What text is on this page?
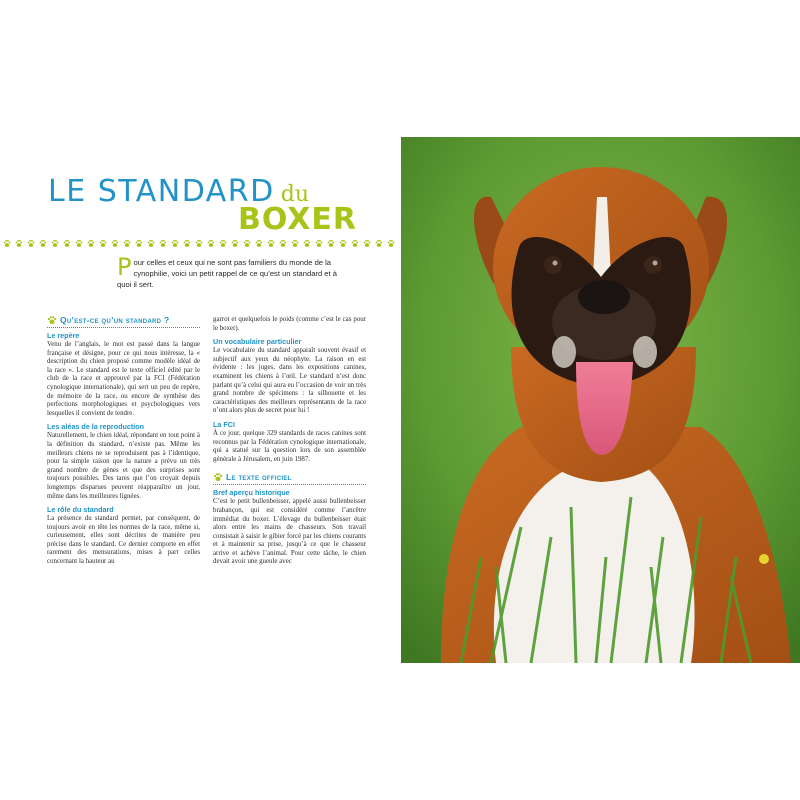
LE STANDARD du
BOXER
Pour celles et ceux qui ne sont pas familiers du monde de la cynophilie, voici un petit rappel de ce qu’est un standard et à quoi il sert.
Qu’est-ce qu’un standard ?
Le repère
Venu de l’anglais, le mot est passé dans la langue française et désigne, pour ce qui nous intéresse, la « description du chien proposé comme modèle idéal de la race ». Le standard est le texte officiel édité par le club de la race et approuvé par la FCI (Fédération cynologique internationale), qui sert un peu de repère, de mémoire de la race, ou encore de synthèse des perfections morphologiques et psychologiques vers lesquelles il convient de tendre.
Les aléas de la reproduction
Naturellement, le chien idéal, répondant en tout point à la définition du standard, n’existe pas. Même les meilleurs chiens ne se reproduisent pas à l’identique, pour la simple raison que la nature a prévu un très grand nombre de gènes et que des surprises sont toujours possibles. Des tares que l’on croyait depuis longtemps disparues peuvent réapparaître un jour, même dans les meilleures lignées.
Le rôle du standard
La présence du standard permet, par conséquent, de toujours avoir en tête les normes de la race, même si, curieusement, elles sont décrites de manière peu précise dans le standard. Ce dernier comporte en effet rarement des mensurations, mises à part celles concernant la hauteur au
garrot et quelquefois le poids (comme c’est le cas pour le boxer).
Un vocabulaire particulier
Le vocabulaire du standard apparaît souvent évasif et subjectif aux yeux du néophyte. La raison en est évidente : les juges, dans les expositions canines, examinent les chiens à l’œil. Le standard n’est donc parlant qu’à celui qui aura eu l’occasion de voir un très grand nombre de spécimens : la silhouette et les caractéristiques des meilleurs représentants de la race n’ont alors plus de secret pour lui !
La FCI
À ce jour, quelque 329 standards de races canines sont reconnus par la Fédération cynologique internationale, qui a statué sur la question lors de son assemblée générale à Jérusalem, en juin 1987.
Le texte officiel
Bref aperçu historique
C’est le petit bullenbeisser, appelé aussi bullenbeisser brabançon, qui est considéré comme l’ancêtre immédiat du boxer. L’élevage du bullenbeisser était alors entre les mains de chasseurs. Son travail consistait à saisir le gibier forcé par les chiens courants et à maintenir sa prise, jusqu’à ce que le chasseur arrive et achève l’animal. Pour cette tâche, le chien devait avoir une gueule avec
